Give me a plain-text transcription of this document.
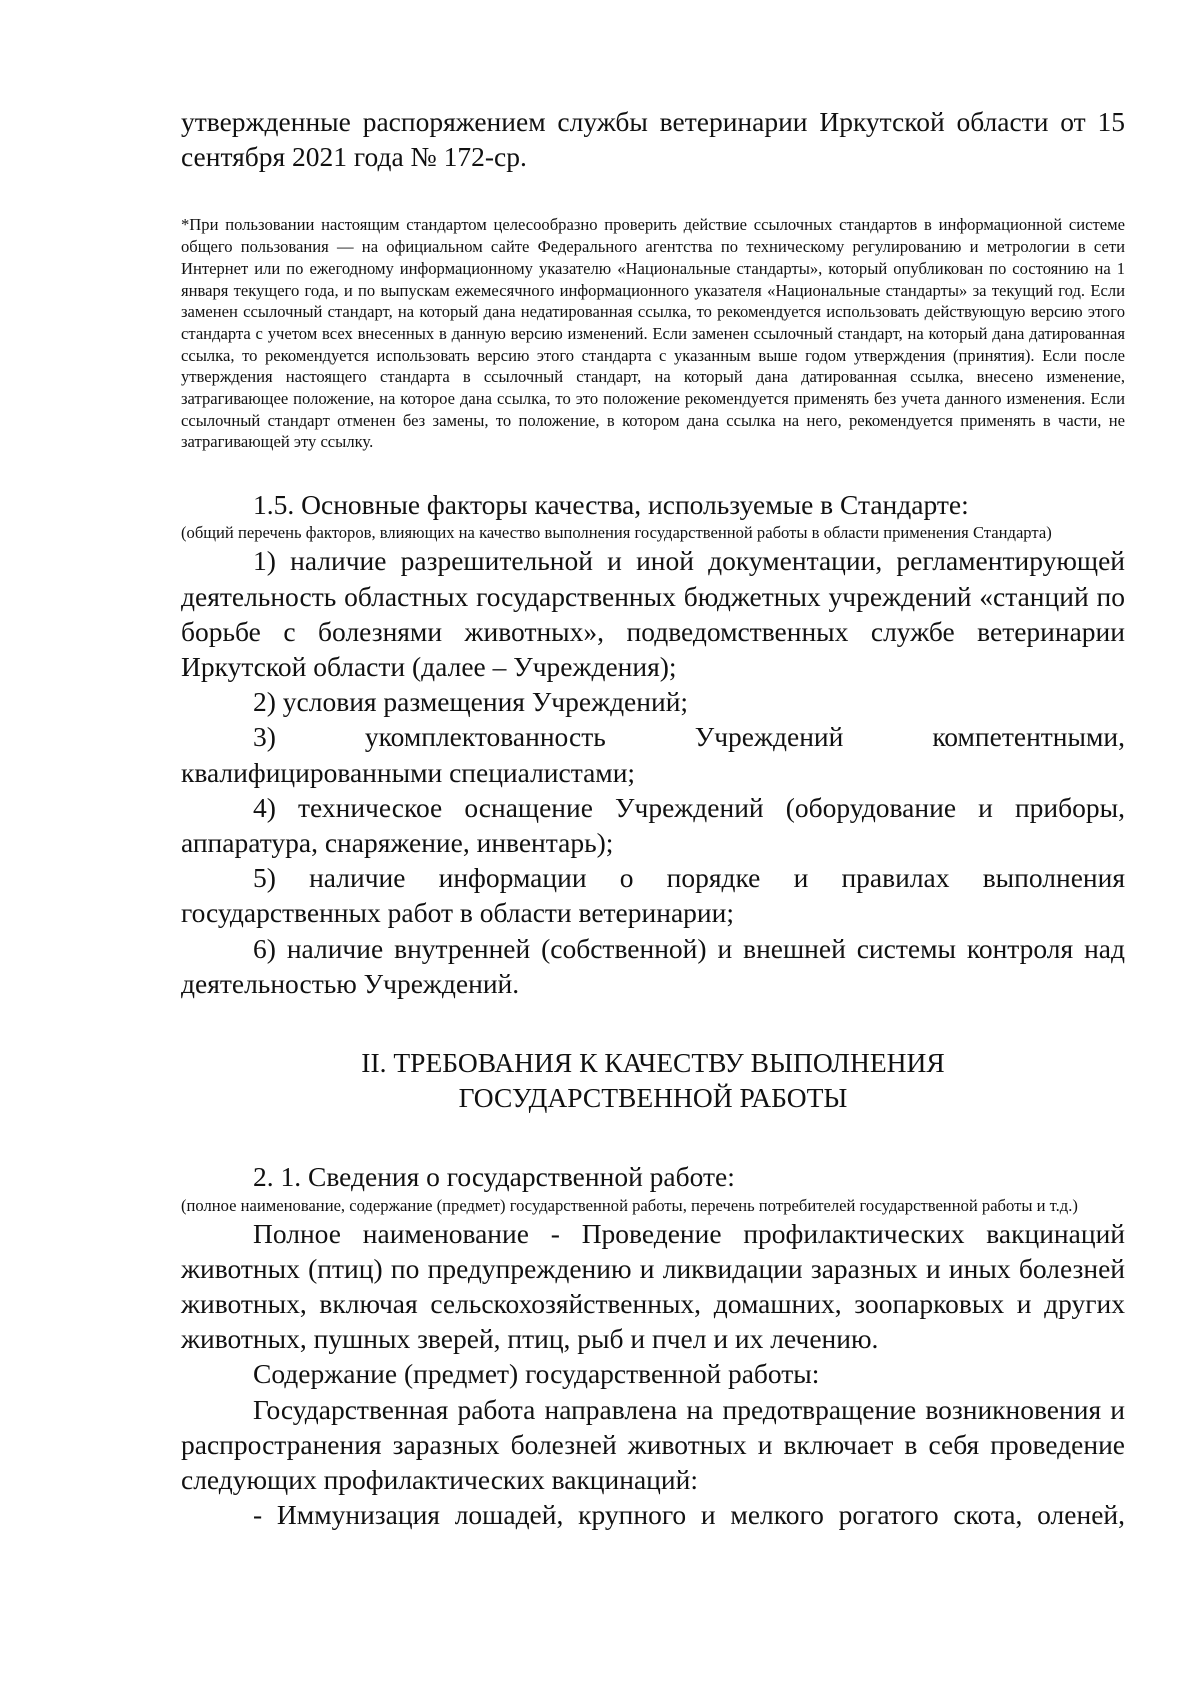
утвержденные распоряжением службы ветеринарии Иркутской области от 15 сентября 2021 года № 172-ср.

*При пользовании настоящим стандартом целесообразно проверить действие ссылочных стандартов в информационной системе общего пользования — на официальном сайте Федерального агентства по техническому регулированию и метрологии в сети Интернет или по ежегодному информационному указателю «Национальные стандарты», который опубликован по состоянию на 1 января текущего года, и по выпускам ежемесячного информационного указателя «Национальные стандарты» за текущий год. Если заменен ссылочный стандарт, на который дана недатированная ссылка, то рекомендуется использовать действующую версию этого стандарта с учетом всех внесенных в данную версию изменений. Если заменен ссылочный стандарт, на который дана датированная ссылка, то рекомендуется использовать версию этого стандарта с указанным выше годом утверждения (принятия). Если после утверждения настоящего стандарта в ссылочный стандарт, на который дана датированная ссылка, внесено изменение, затрагивающее положение, на которое дана ссылка, то это положение рекомендуется применять без учета данного изменения. Если ссылочный стандарт отменен без замены, то положение, в котором дана ссылка на него, рекомендуется применять в части, не затрагивающей эту ссылку.

1.5. Основные факторы качества, используемые в Стандарте:

(общий перечень факторов, влияющих на качество выполнения государственной работы в области применения Стандарта)

1) наличие разрешительной и иной документации, регламентирующей деятельность областных государственных бюджетных учреждений «станций по борьбе с болезнями животных», подведомственных службе ветеринарии Иркутской области (далее – Учреждения);

2) условия размещения Учреждений;

3) укомплектованность Учреждений компетентными, квалифицированными специалистами;

4) техническое оснащение Учреждений (оборудование и приборы, аппаратура, снаряжение, инвентарь);

5) наличие информации о порядке и правилах выполнения государственных работ в области ветеринарии;

6) наличие внутренней (собственной) и внешней системы контроля над деятельностью Учреждений.

II. ТРЕБОВАНИЯ К КАЧЕСТВУ ВЫПОЛНЕНИЯ
ГОСУДАРСТВЕННОЙ РАБОТЫ

2. 1. Сведения о государственной работе:

(полное наименование, содержание (предмет) государственной работы, перечень потребителей государственной работы и т.д.)

Полное наименование - Проведение профилактических вакцинаций животных (птиц) по предупреждению и ликвидации заразных и иных болезней животных, включая сельскохозяйственных, домашних, зоопарковых и других животных, пушных зверей, птиц, рыб и пчел и их лечению.

Содержание (предмет) государственной работы:

Государственная работа направлена на предотвращение возникновения и распространения заразных болезней животных и включает в себя проведение следующих профилактических вакцинаций:

- Иммунизация лошадей, крупного и мелкого рогатого скота, оленей,
